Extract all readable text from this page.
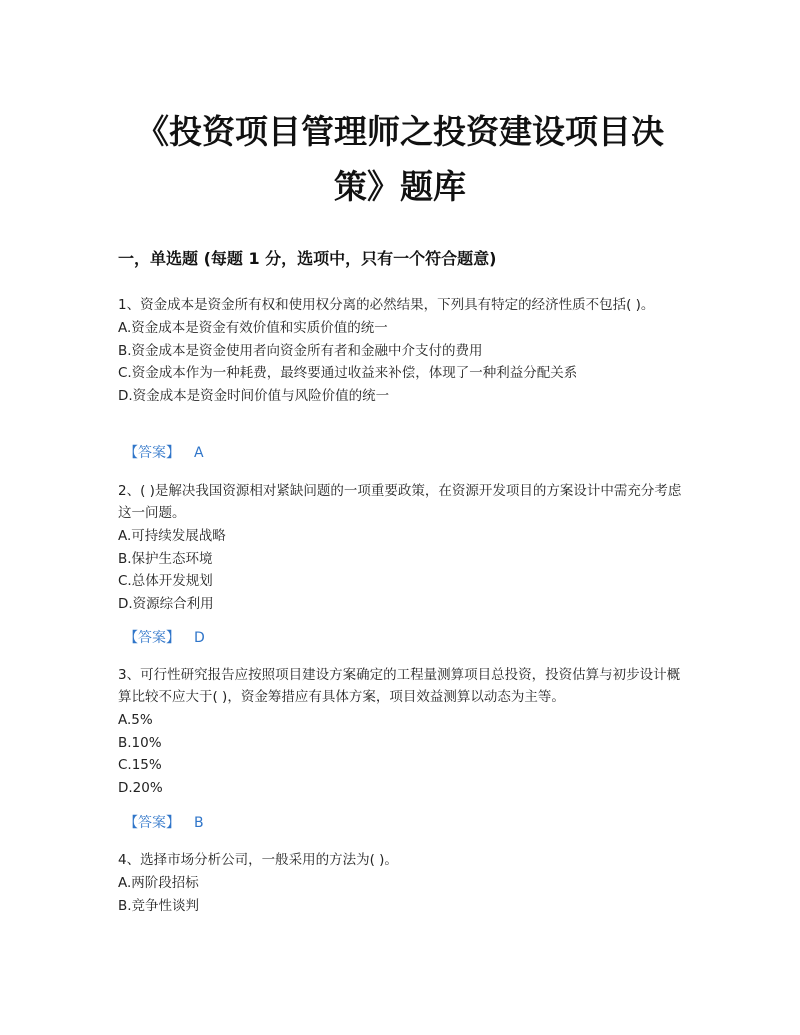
《投资项目管理师之投资建设项目决
策》题库
一，单选题 (每题 1 分，选项中，只有一个符合题意)
1、资金成本是资金所有权和使用权分离的必然结果，下列具有特定的经济性质不包括( )。
A.资金成本是资金有效价值和实质价值的统一
B.资金成本是资金使用者向资金所有者和金融中介支付的费用
C.资金成本作为一种耗费，最终要通过收益来补偿，体现了一种利益分配关系
D.资金成本是资金时间价值与风险价值的统一
【答案】 A
2、( )是解决我国资源相对紧缺问题的一项重要政策，在资源开发项目的方案设计中需充分考虑这一问题。
A.可持续发展战略
B.保护生态环境
C.总体开发规划
D.资源综合利用
【答案】 D
3、可行性研究报告应按照项目建设方案确定的工程量测算项目总投资，投资估算与初步设计概算比较不应大于( )，资金筹措应有具体方案，项目效益测算以动态为主等。
A.5%
B.10%
C.15%
D.20%
【答案】 B
4、选择市场分析公司，一般采用的方法为( )。
A.两阶段招标
B.竞争性谈判
